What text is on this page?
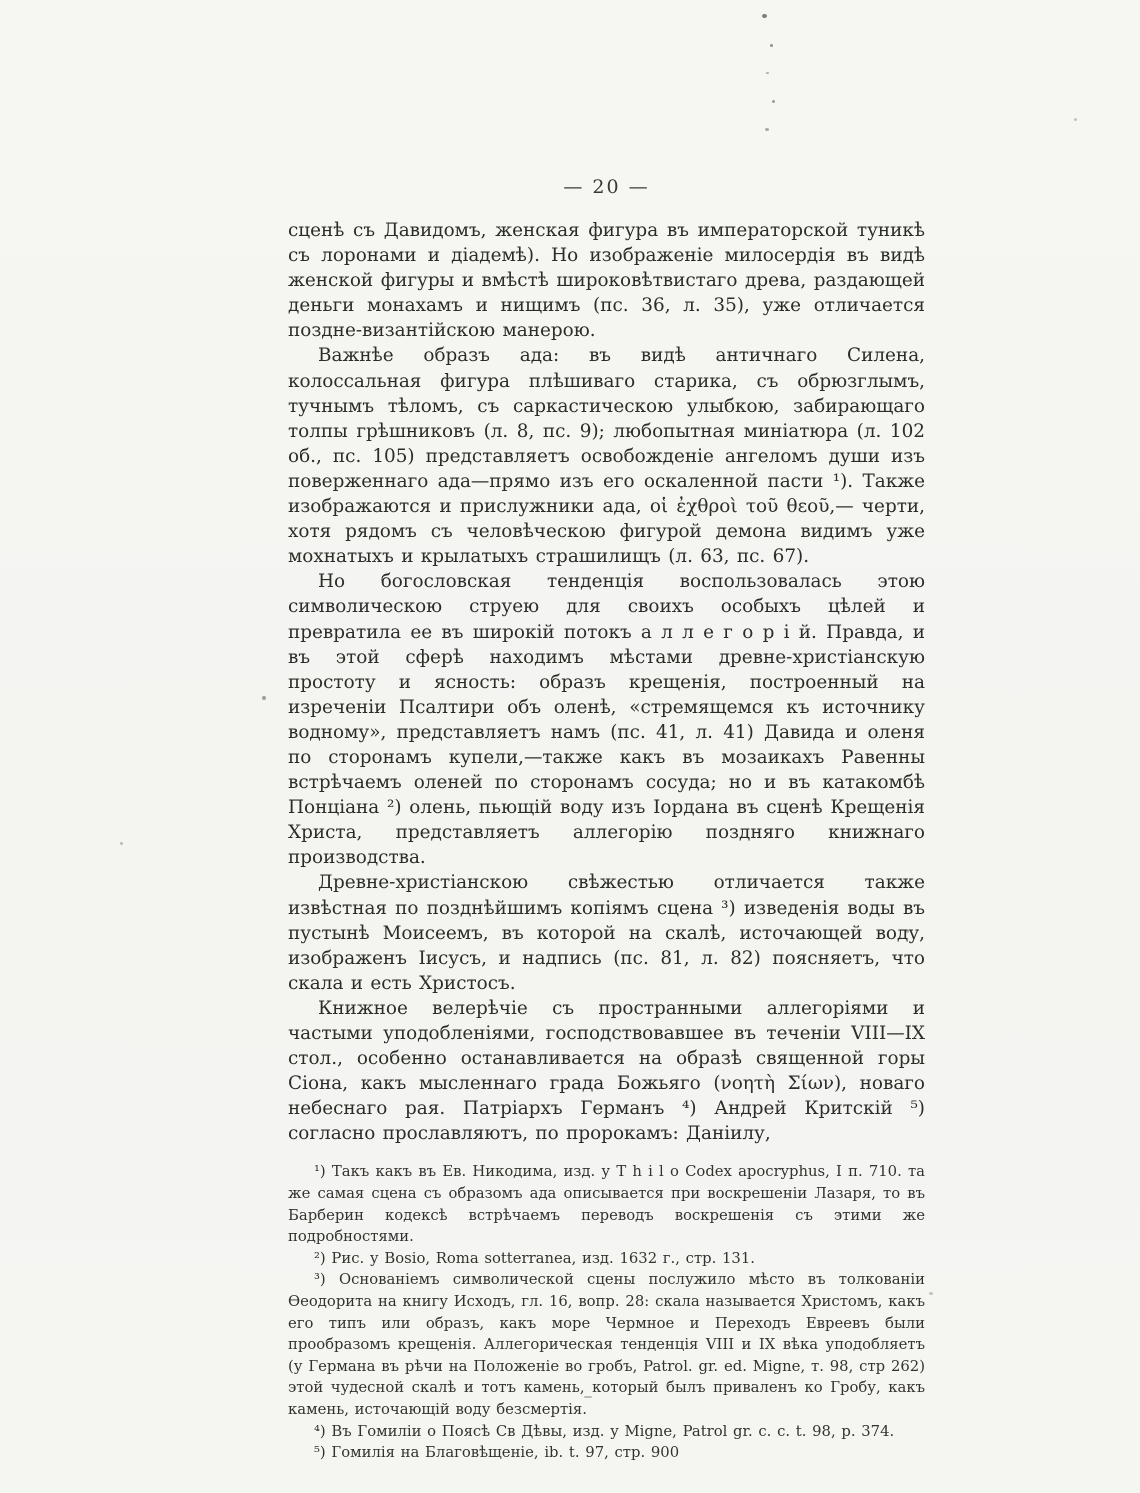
— 20 —

сценѣ съ Давидомъ, женская фигура въ императорской туникѣ съ лоронами и діадемѣ). Но изображеніе милосердія въ видѣ женской фигуры и вмѣстѣ широковѣтвистаго древа, раздающей деньги монахамъ и нищимъ (пс. 36, л. 35), уже отличается поздне-византійскою манерою.

Важнѣе образъ ада: въ видѣ античнаго Силена, колоссальная фигура плѣшиваго старика, съ обрюзглымъ, тучнымъ тѣломъ, съ саркастическою улыбкою, забирающаго толпы грѣшниковъ (л. 8, пс. 9); любопытная миніатюра (л. 102 об., пс. 105) представляетъ освобожденіе ангеломъ души изъ поверженнаго ада—прямо изъ его оскаленной пасти ¹). Также изображаются и прислужники ада, οἱ ἐχθροὶ τοῦ θεοῦ,— черти, хотя рядомъ съ человѣческою фигурой демона видимъ уже мохнатыхъ и крылатыхъ страшилищъ (л. 63, пс. 67).

Но богословская тенденція воспользовалась этою символическою струею для своихъ особыхъ цѣлей и превратила ее въ широкій потокъ а л л е г о р і й. Правда, и въ этой сферѣ находимъ мѣстами древне-христіанскую простоту и ясность: образъ крещенія, построенный на изреченіи Псалтири объ оленѣ, «стремящемся къ источнику водному», представляетъ намъ (пс. 41, л. 41) Давида и оленя по сторонамъ купели,—также какъ въ мозаикахъ Равенны встрѣчаемъ оленей по сторонамъ сосуда; но и въ катакомбѣ Понціана ²) олень, пьющій воду изъ Іордана въ сценѣ Крещенія Христа, представляетъ аллегорію поздняго книжнаго производства.

Древне-христіанскою свѣжестью отличается также извѣстная по позднѣйшимъ копіямъ сцена ³) изведенія воды въ пустынѣ Моисеемъ, въ которой на скалѣ, источающей воду, изображенъ Іисусъ, и надпись (пс. 81, л. 82) поясняетъ, что скала и есть Христосъ.

Книжное велерѣчіе съ пространными аллегоріями и частыми уподобленіями, господствовавшее въ теченіи VIII—IX стол., особенно останавливается на образѣ священной горы Сіона, какъ мысленнаго града Божьяго (νοητὴ Σίων), новаго небеснаго рая. Патріархъ Германъ ⁴) Андрей Критскій ⁵) согласно прославляютъ, по пророкамъ: Даніилу,

¹) Такъ какъ въ Ев. Никодима, изд. у T h i l o Codex apocryphus, I п. 710. та же самая сцена съ образомъ ада описывается при воскрешеніи Лазаря, то въ Барберин кодексѣ встрѣчаемъ переводъ воскрешенія съ этими же подробностями.

²) Рис. у Bosio, Roma sotterranea, изд. 1632 г., стр. 131.

³) Основаніемъ символической сцены послужило мѣсто въ толкованіи Ѳеодорита на книгу Исходъ, гл. 16, вопр. 28: скала называется Христомъ, какъ его типъ или образъ, какъ море Чермное и Переходъ Евреевъ были прообразомъ крещенія. Аллегорическая тенденція VIII и IX вѣка уподобляетъ (у Германа въ рѣчи на Положеніе во гробъ, Patrol. gr. ed. Migne, т. 98, стр 262) этой чудесной скалѣ и тотъ камень, который былъ приваленъ ко Гробу, какъ камень, источающій воду безсмертія.

⁴) Въ Гомиліи о Поясѣ Св Дѣвы, изд. у Migne, Patrol gr. c. c. t. 98, p. 374.

⁵) Гомилія на Благовѣщеніе, ib. t. 97, стр. 900
